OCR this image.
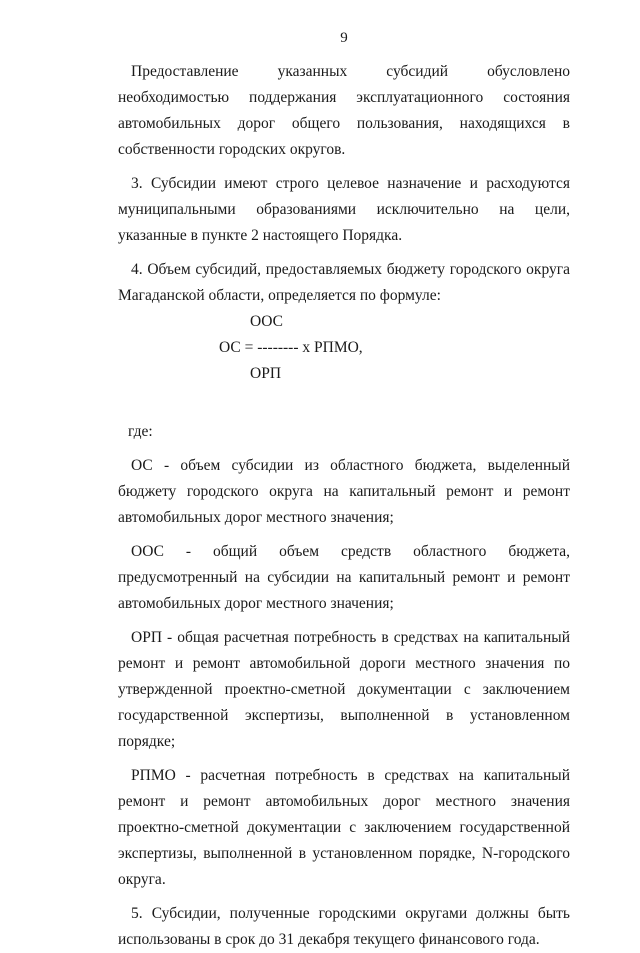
9

Предоставление указанных субсидий обусловлено необходимостью поддержания эксплуатационного состояния автомобильных дорог общего пользования, находящихся в собственности городских округов.

3. Субсидии имеют строго целевое назначение и расходуются муниципальными образованиями исключительно на цели, указанные в пункте 2 настоящего Порядка.

4. Объем субсидий, предоставляемых бюджету городского округа Магаданской области, определяется по формуле:

ООС
ОС = -------- х РПМО,
ОРП

где:

ОС - объем субсидии из областного бюджета, выделенный бюджету городского округа на капитальный ремонт и ремонт автомобильных дорог местного значения;

ООС - общий объем средств областного бюджета,

предусмотренный на субсидии на капитальный ремонт и ремонт автомобильных дорог местного значения;

ОРП - общая расчетная потребность в средствах на капитальный ремонт и ремонт автомобильной дороги местного значения по утвержденной проектно-сметной документации с заключением государственной экспертизы, выполненной в установленном порядке;

РПМО - расчетная потребность в средствах на капитальный ремонт и ремонт автомобильных дорог местного значения проектно-сметной документации с заключением государственной экспертизы, выполненной в установленном порядке, N-городского округа.

5. Субсидии, полученные городскими округами должны быть использованы в срок до 31 декабря текущего финансового года.
